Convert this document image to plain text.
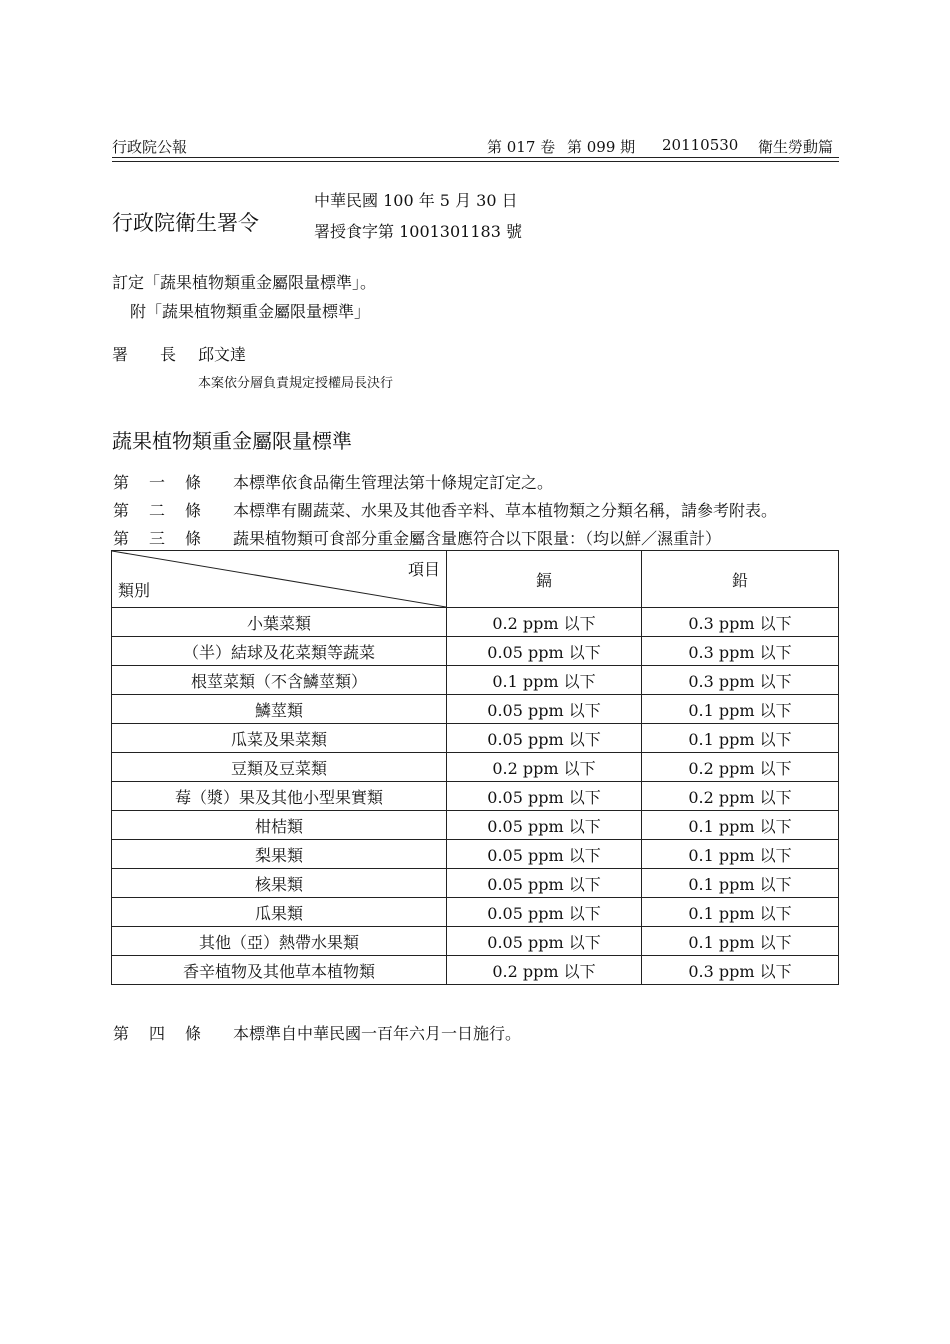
行政院公報	第 017 卷 第 099 期 20110530 衛生勞動篇
行政院衛生署令
中華民國 100 年 5 月 30 日
署授食字第 1001301183 號
訂定「蔬果植物類重金屬限量標準」。
附「蔬果植物類重金屬限量標準」
署　　長 邱文達
本案依分層負責規定授權局長決行
蔬果植物類重金屬限量標準
第 一 條 本標準依食品衛生管理法第十條規定訂定之。
第 二 條 本標準有關蔬菜、水果及其他香辛料、草本植物類之分類名稱，請參考附表。
第 三 條 蔬果植物類可食部分重金屬含量應符合以下限量：（均以鮮／濕重計）
項目
類別	鎘	鉛
小葉菜類	0.2 ppm 以下	0.3 ppm 以下
（半）結球及花菜類等蔬菜	0.05 ppm 以下	0.3 ppm 以下
根莖菜類（不含鱗莖類）	0.1 ppm 以下	0.3 ppm 以下
鱗莖類	0.05 ppm 以下	0.1 ppm 以下
瓜菜及果菜類	0.05 ppm 以下	0.1 ppm 以下
豆類及豆菜類	0.2 ppm 以下	0.2 ppm 以下
莓（漿）果及其他小型果實類	0.05 ppm 以下	0.2 ppm 以下
柑桔類	0.05 ppm 以下	0.1 ppm 以下
梨果類	0.05 ppm 以下	0.1 ppm 以下
核果類	0.05 ppm 以下	0.1 ppm 以下
瓜果類	0.05 ppm 以下	0.1 ppm 以下
其他（亞）熱帶水果類	0.05 ppm 以下	0.1 ppm 以下
香辛植物及其他草本植物類	0.2 ppm 以下	0.3 ppm 以下
第 四 條 本標準自中華民國一百年六月一日施行。
